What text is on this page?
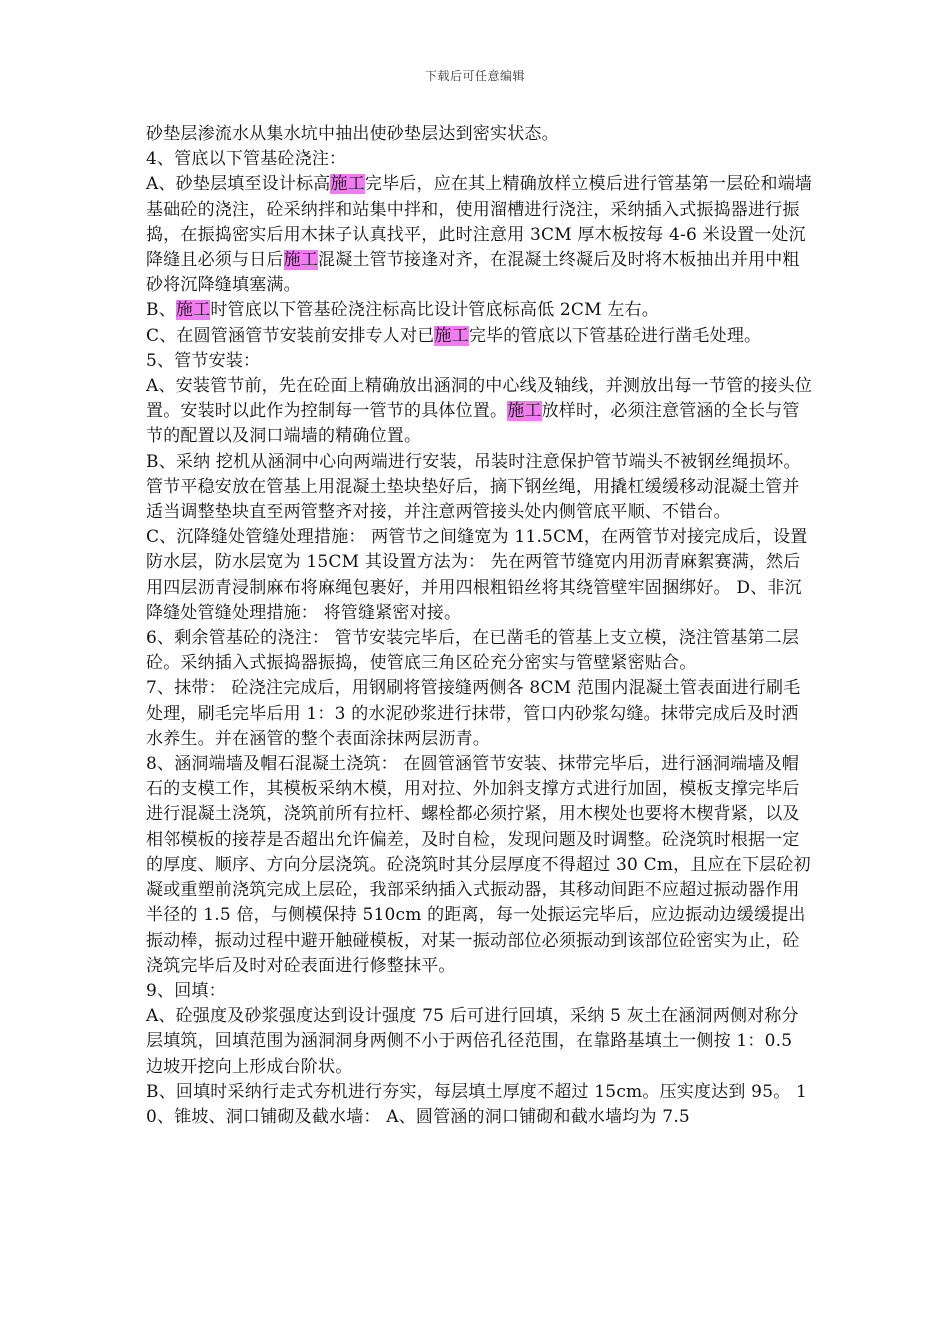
下载后可任意编辑

砂垫层渗流水从集水坑中抽出使砂垫层达到密实状态。

4、管底以下管基砼浇注：

A、砂垫层填至设计标高施工完毕后，应在其上精确放样立模后进行管基第一层砼和端墙基础砼的浇注，砼采纳拌和站集中拌和，使用溜槽进行浇注，采纳插入式振捣器进行振捣，在振捣密实后用木抹子认真找平，此时注意用 3CM 厚木板按每 4-6 米设置一处沉降缝且必须与日后施工混凝土管节接逢对齐，在混凝土终凝后及时将木板抽出并用中粗砂将沉降缝填塞满。

B、施工时管底以下管基砼浇注标高比设计管底标高低 2CM 左右。

C、在圆管涵管节安装前安排专人对已施工完毕的管底以下管基砼进行凿毛处理。

5、管节安装：

A、安装管节前，先在砼面上精确放出涵洞的中心线及轴线，并测放出每一节管的接头位置。安装时以此作为控制每一管节的具体位置。施工放样时，必须注意管涵的全长与管节的配置以及洞口端墙的精确位置。

B、采纳 挖机从涵洞中心向两端进行安装，吊装时注意保护管节端头不被钢丝绳损坏。管节平稳安放在管基上用混凝土垫块垫好后，摘下钢丝绳，用撬杠缓缓移动混凝土管并适当调整垫块直至两管整齐对接，并注意两管接头处内侧管底平顺、不错台。

C、沉降缝处管缝处理措施： 两管节之间缝宽为 11.5CM，在两管节对接完成后，设置防水层，防水层宽为 15CM 其设置方法为： 先在两管节缝宽内用沥青麻絮赛满，然后用四层沥青浸制麻布将麻绳包裹好，并用四根粗铅丝将其绕管壁牢固捆绑好。 D、非沉降缝处管缝处理措施： 将管缝紧密对接。

6、剩余管基砼的浇注： 管节安装完毕后，在已凿毛的管基上支立模，浇注管基第二层砼。采纳插入式振捣器振捣，使管底三角区砼充分密实与管壁紧密贴合。

7、抹带： 砼浇注完成后，用钢刷将管接缝两侧各 8CM 范围内混凝土管表面进行刷毛处理，刷毛完毕后用 1：3 的水泥砂浆进行抹带，管口内砂浆勾缝。抹带完成后及时洒水养生。并在涵管的整个表面涂抹两层沥青。

8、涵洞端墙及帽石混凝土浇筑： 在圆管涵管节安装、抹带完毕后，进行涵洞端墙及帽石的支模工作，其模板采纳木模，用对拉、外加斜支撑方式进行加固，模板支撑完毕后进行混凝土浇筑，浇筑前所有拉杆、螺栓都必须拧紧，用木楔处也要将木楔背紧，以及相邻模板的接荐是否超出允许偏差，及时自检，发现问题及时调整。砼浇筑时根据一定的厚度、顺序、方向分层浇筑。砼浇筑时其分层厚度不得超过 30 Cm，且应在下层砼初凝或重塑前浇筑完成上层砼，我部采纳插入式振动器，其移动间距不应超过振动器作用半径的 1.5 倍，与侧模保持 510cm 的距离，每一处振运完毕后，应边振动边缓缓提出振动棒，振动过程中避开触碰模板，对某一振动部位必须振动到该部位砼密实为止，砼浇筑完毕后及时对砼表面进行修整抹平。

9、回填：

A、砼强度及砂浆强度达到设计强度 75 后可进行回填，采纳 5 灰土在涵洞两侧对称分层填筑，回填范围为涵洞洞身两侧不小于两倍孔径范围，在靠路基填土一侧按 1：0.5 边坡开挖向上形成台阶状。

B、回填时采纳行走式夯机进行夯实，每层填土厚度不超过 15cm。压实度达到 95。 10、锥坡、洞口铺砌及截水墙： A、圆管涵的洞口铺砌和截水墙均为 7.5
